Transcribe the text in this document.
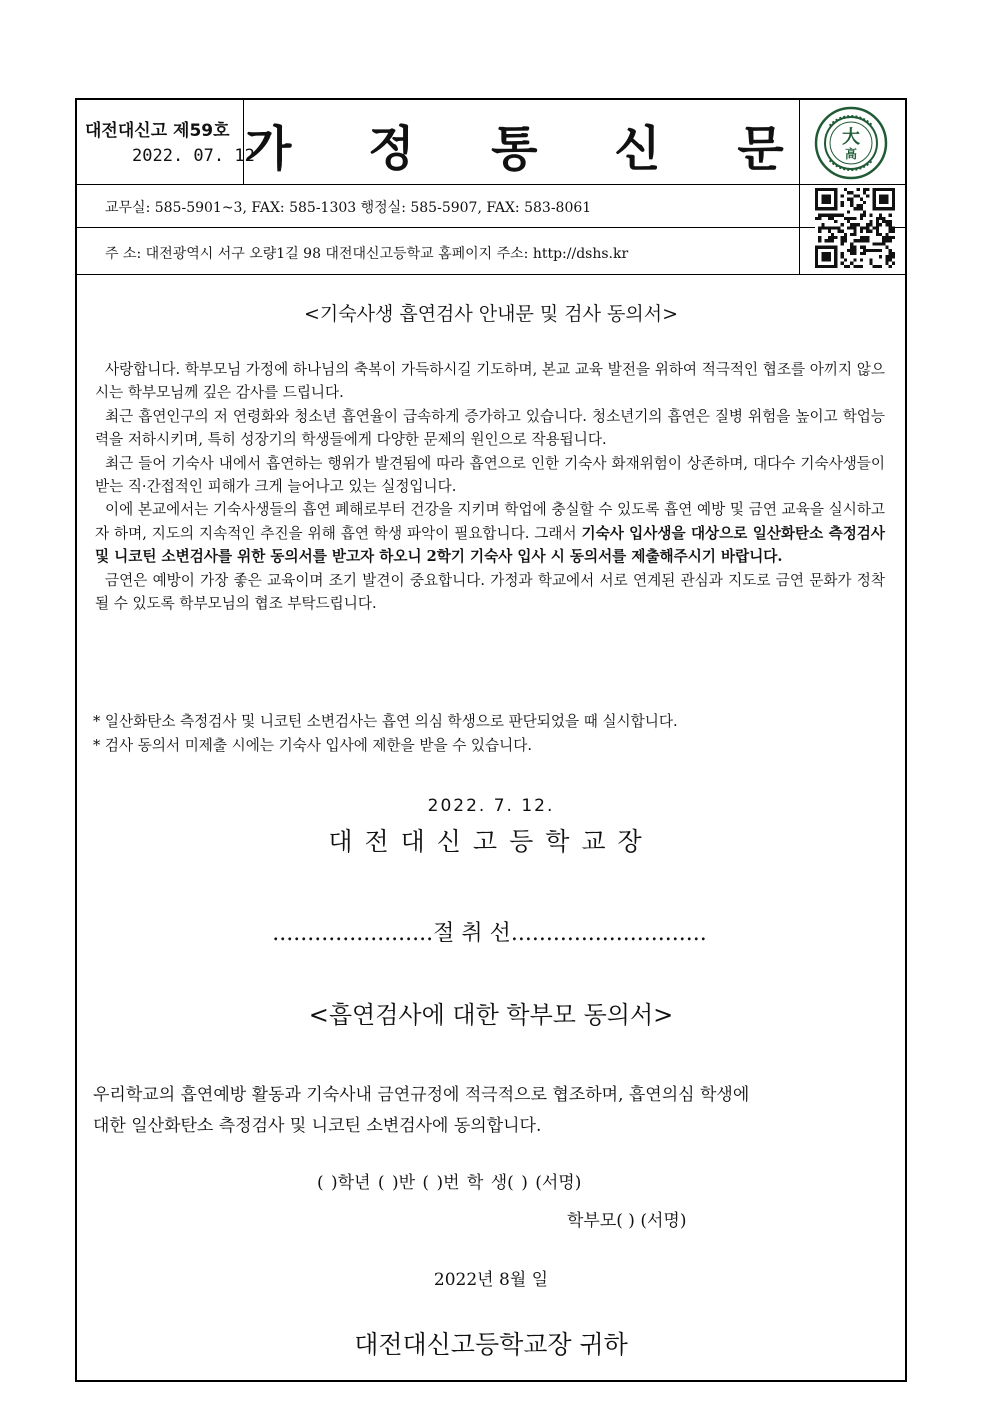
대전대신고 제59호
2022. 07. 12
가 정 통 신 문 大
高
교무실: 585-5901~3, FAX: 585-1303 행정실: 585-5907, FAX: 583-8061
주 소: 대전광역시 서구 오량1길 98 대전대신고등학교 홈페이지 주소: http://dshs.kr
<기숙사생 흡연검사 안내문 및 검사 동의서>

사랑합니다. 학부모님 가정에 하나님의 축복이 가득하시길 기도하며, 본교 교육 발전을 위하여 적극적인 협조를 아끼지 않으시는 학부모님께 깊은 감사를 드립니다.

최근 흡연인구의 저 연령화와 청소년 흡연율이 급속하게 증가하고 있습니다. 청소년기의 흡연은 질병 위험을 높이고 학업능력을 저하시키며, 특히 성장기의 학생들에게 다양한 문제의 원인으로 작용됩니다.

최근 들어 기숙사 내에서 흡연하는 행위가 발견됨에 따라 흡연으로 인한 기숙사 화재위험이 상존하며, 대다수 기숙사생들이 받는 직·간접적인 피해가 크게 늘어나고 있는 실정입니다.

이에 본교에서는 기숙사생들의 흡연 폐해로부터 건강을 지키며 학업에 충실할 수 있도록 흡연 예방 및 금연 교육을 실시하고자 하며, 지도의 지속적인 추진을 위해 흡연 학생 파악이 필요합니다. 그래서 기숙사 입사생을 대상으로 일산화탄소 측정검사 및 니코틴 소변검사를 위한 동의서를 받고자 하오니 2학기 기숙사 입사 시 동의서를 제출해주시기 바랍니다.

금연은 예방이 가장 좋은 교육이며 조기 발견이 중요합니다. 가정과 학교에서 서로 연계된 관심과 지도로 금연 문화가 정착될 수 있도록 학부모님의 협조 부탁드립니다.

* 일산화탄소 측정검사 및 니코틴 소변검사는 흡연 의심 학생으로 판단되었을 때 실시합니다.
* 검사 동의서 미제출 시에는 기숙사 입사에 제한을 받을 수 있습니다.
2022. 7. 12.
대전대신고등학교장
.......................절 취 선............................
<흡연검사에 대한 학부모 동의서>
우리학교의 흡연예방 활동과 기숙사내 금연규정에 적극적으로 협조하며, 흡연의심 학생에
대한 일산화탄소 측정검사 및 니코틴 소변검사에 동의합니다.
( )학년 ( )반 ( )번 학 생( ) (서명)
학부모( ) (서명)
2022년 8월 일
대전대신고등학교장 귀하
